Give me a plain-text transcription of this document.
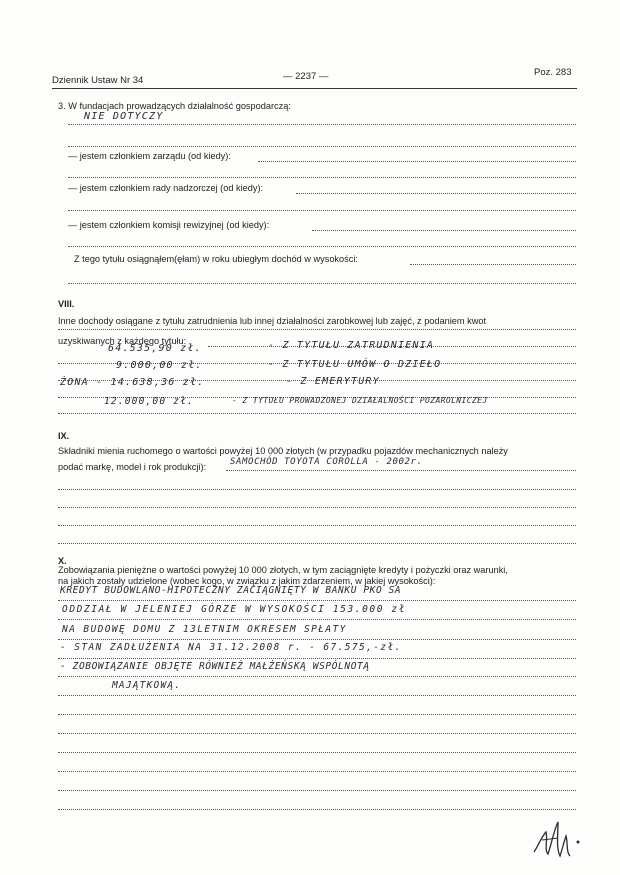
Dziennik Ustaw Nr 34	— 2237 —	Poz. 283
3. W fundacjach prowadzących działalność gospodarczą:
NIE DOTYCZY
— jestem członkiem zarządu (od kiedy):
— jestem członkiem rady nadzorczej (od kiedy):
— jestem członkiem komisji rewizyjnej (od kiedy):
Z tego tytułu osiągnąłem(ęłam) w roku ubiegłym dochód w wysokości:
VIII.
Inne dochody osiągane z tytułu zatrudnienia lub innej działalności zarobkowej lub zajęć, z podaniem kwot
uzyskiwanych z każdego tytułu:
64.535,90 zł.	- Z TYTUŁU ZATRUDNIENIA
9.000,00 zł.	- Z TYTUŁU UMÓW O DZIEŁO
ŻONA - 14.638,36 zł.	- Z EMERYTURY
12.000,00 zł.	- Z TYTUŁU PROWADZONEJ DZIAŁALNOŚCI POZAROLNICZEJ
IX.
Składniki mienia ruchomego o wartości powyżej 10 000 złotych (w przypadku pojazdów mechanicznych należy
podać markę, model i rok produkcji):	SAMOCHÓD TOYOTA COROLLA - 2002r.
X.
Zobowiązania pieniężne o wartości powyżej 10 000 złotych, w tym zaciągnięte kredyty i pożyczki oraz warunki,
na jakich zostały udzielone (wobec kogo, w związku z jakim zdarzeniem, w jakiej wysokości):
KREDYT BUDOWLANO-HIPOTECZNY ZACIĄGNIĘTY W BANKU PKO SA
ODDZIAŁ W JELENIEJ GÓRZE W WYSOKOŚCI 153.000 zł
NA BUDOWĘ DOMU Z 13LETNIM OKRESEM SPŁATY
- STAN ZADŁUŻENIA NA 31.12.2008 r. - 67.575,-zł.
- ZOBOWIĄZANIE OBJĘTE RÓWNIEŻ MAŁŻEŃSKĄ WSPÓLNOTĄ
MAJĄTKOWĄ.
